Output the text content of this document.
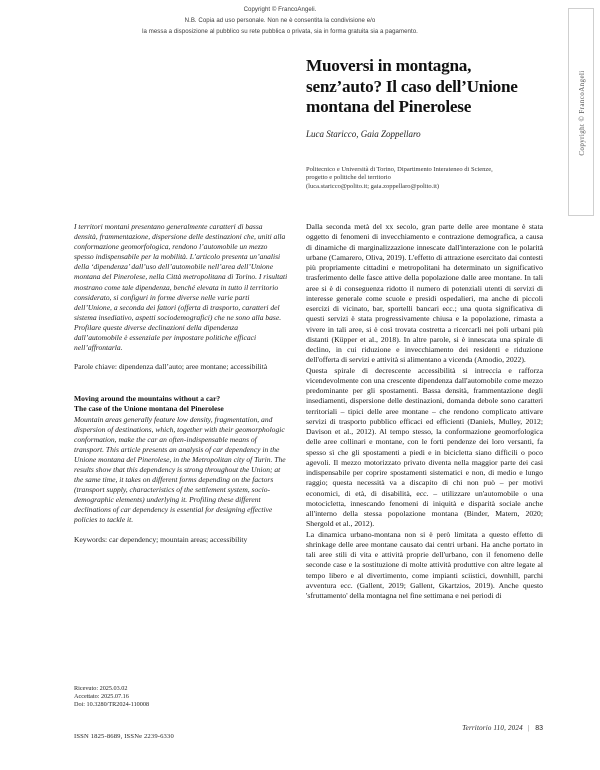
Copyright © FrancoAngeli.
N.B. Copia ad uso personale. Non ne è consentita la condivisione e/o
la messa a disposizione al pubblico su rete pubblica o privata, sia in forma gratuita sia a pagamento.
Copyright © FrancoAngeli
Muoversi in montagna, senz’auto? Il caso dell’Unione montana del Pinerolese

Luca Staricco, Gaia Zoppellaro

Politecnico e Università di Torino, Dipartimento Interateneo di Scienze,
progetto e politiche del territorio
(luca.staricco@polito.it; gaia.zoppellaro@polito.it)

I territori montani presentano generalmente caratteri di bassa densità, frammentazione, dispersione delle destinazioni che, uniti alla conformazione geomorfologica, rendono l’automobile un mezzo spesso indispensabile per la mobilità. L’articolo presenta un’analisi della ‘dipendenza’ dall’uso dell’automobile nell’area dell’Unione montana del Pinerolese, nella Città metropolitana di Torino. I risultati mostrano come tale dipendenza, benché elevata in tutto il territorio considerato, si configuri in forme diverse nelle varie parti dell’Unione, a seconda dei fattori (offerta di trasporto, caratteri del sistema insediativo, aspetti sociodemografici) che ne sono alla base. Profilare queste diverse declinazioni della dipendenza dall’automobile è essenziale per impostare politiche efficaci nell’affrontarla.

Parole chiave: dipendenza dall’auto; aree montane; accessibilità

Moving around the mountains without a car?
The case of the Unione montana del Pinerolese

Mountain areas generally feature low density, fragmentation, and dispersion of destinations, which, together with their geomorphologic conformation, make the car an often-indispensable means of transport. This article presents an analysis of car dependency in the Unione montana del Pinerolese, in the Metropolitan city of Turin. The results show that this dependency is strong throughout the Union; at the same time, it takes on different forms depending on the factors (transport supply, characteristics of the settlement system, socio-demographic elements) underlying it. Profiling these different declinations of car dependency is essential for designing effective policies to tackle it.

Keywords: car dependency; mountain areas; accessibility

Ricevuto: 2025.03.02
Accettato: 2025.07.16
Doi: 10.3280/TR2024-110008
ISSN 1825-8689, ISSNe 2239-6330

Dalla seconda metà del xx secolo, gran parte delle aree montane è stata oggetto di fenomeni di invecchiamento e contrazione demografica, a causa di dinamiche di marginalizzazione innescate dall'interazione con le polarità urbane (Camarero, Oliva, 2019). L'effetto di attrazione esercitato dai contesti più propriamente cittadini e metropolitani ha determinato un significativo trasferimento delle fasce attive della popolazione dalle aree montane. In tali aree si è di conseguenza ridotto il numero di potenziali utenti di servizi di interesse generale come scuole e presidi ospedalieri, ma anche di piccoli esercizi di vicinato, bar, sportelli bancari ecc.; una quota significativa di questi servizi è stata progressivamente chiusa e la popolazione, rimasta a vivere in tali aree, si è così trovata costretta a ricercarli nei poli urbani più distanti (Küpper et al., 2018). In altre parole, si è innescata una spirale di declino, in cui riduzione e invecchiamento dei residenti e riduzione dell'offerta di servizi e attività si alimentano a vicenda (Amodio, 2022).

Questa spirale di decrescente accessibilità si intreccia e rafforza vicendevolmente con una crescente dipendenza dall'automobile come mezzo predominante per gli spostamenti. Bassa densità, frammentazione degli insediamenti, dispersione delle destinazioni, domanda debole sono caratteri territoriali – tipici delle aree montane – che rendono complicato attivare servizi di trasporto pubblico efficaci ed efficienti (Daniels, Mulley, 2012; Davison et al., 2012). Al tempo stesso, la conformazione geomorfologica delle aree collinari e montane, con le forti pendenze dei loro versanti, fa spesso sì che gli spostamenti a piedi e in bicicletta siano difficili o poco agevoli. Il mezzo motorizzato privato diventa nella maggior parte dei casi indispensabile per coprire spostamenti sistematici e non, di medio e lungo raggio; questa necessità va a discapito di chi non può – per motivi economici, di età, di disabilità, ecc. – utilizzare un'automobile o una motocicletta, innescando fenomeni di iniquità e disparità sociale anche all'interno della stessa popolazione montana (Binder, Matern, 2020; Shergold et al., 2012).

La dinamica urbano-montana non si è però limitata a questo effetto di shrinkage delle aree montane causato dai centri urbani. Ha anche portato in tali aree stili di vita e attività proprie dell'urbano, con il fenomeno delle seconde case e la sostituzione di molte attività produttive con altre legate al tempo libero e al divertimento, come impianti sciistici, downhill, parchi avventura ecc. (Gallent, 2019; Gallent, Gkartzios, 2019). Anche questo 'sfruttamento' della montagna nel fine settimana e nei periodi di

Territorio 110, 2024 | 83
